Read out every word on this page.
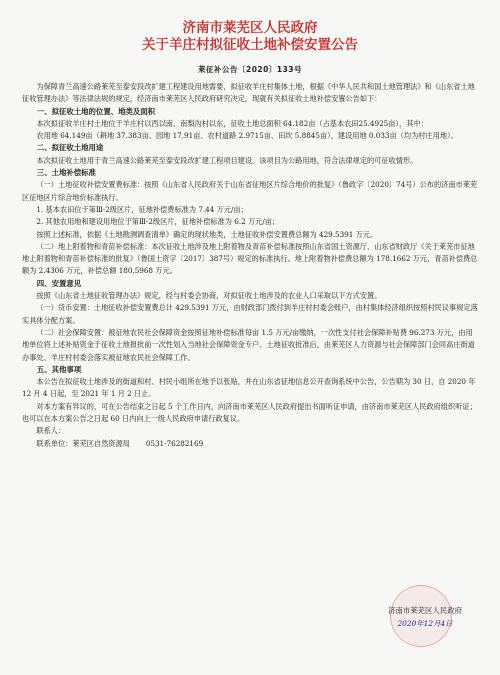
济南市莱芜区人民政府
关于羊庄村拟征收土地补偿安置公告
莱征补公告〔2020〕133号

为保障青兰高速公路莱芜至泰安段改扩建工程建设用地需要，拟征收羊庄村集体土地，根据《中华人民共和国土地管理法》和《山东省土地征收管理办法》等法律法规的规定，经济南市莱芜区人民政府研究决定，现就有关拟征收土地补偿安置公告如下：

一、拟征收土地的位置、地类及面积

本次拟征收羊庄村土地位于羊庄村以西以南、南梨沟村以东，征收土地总面积 64.182亩（占基本农田25.4925亩），其中：

农用地 64.149亩（耕地 37.383亩、园地 17.91亩、农村道路 2.9715亩、田坎 5.8845亩），建设用地 0.033亩（均为村庄用地）。

二、拟征收土地用途

本次拟征收土地用于青兰高速公路莱芜至泰安段改扩建工程项目建设。该项目为公路用地，符合法律规定的可征收情形。

三、土地补偿标准

（一）土地征收补偿安置费标准：按照《山东省人民政府关于山东省征地区片综合地价的批复》（鲁政字〔2020〕74号）公布的济南市莱芜区征地区片综合地价标准执行。

1. 基本农田位于第Ⅲ-2级区片，征地补偿费标准为 7.44 万元/亩；

2. 其他农用地和建设用地位于第Ⅲ-2级区片，征地补偿标准为 6.2 万元/亩；

按照上述标准，依据《土地勘测调查清单》确定的现状地类，土地征收补偿安置费总额为 429.5391 万元。

（二）地上附着物和青苗补偿标准：本次征收土地涉及地上附着物及青苗补偿标准按照山东省国土资源厅、山东省财政厅《关于莱芜市征地地上附着物和青苗补偿标准的批复》（鲁国土资字〔2017〕387号）规定的标准执行。地上附着物补偿费总额为 178.1662 万元，青苗补偿费总额为 2.4306 万元，补偿总额 180.5968 万元。

四、安置意见

按照《山东省土地征收管理办法》规定，经与村委会协商，对拟征收土地涉及的农业人口采取以下方式安置。

（一）货币安置：土地征收补偿安置费总计 429.5391 万元，由财政部门拨付到羊庄村村委会账户，由村集体经济组织按照村民议事规定落实具体分配方案。

（二）社会保障安置：被征地农民社会保障资金按照征地补偿标准每亩 1.5 万元/亩缴纳，一次性支付社会保障补贴费 96.273 万元，由用地单位将上述补贴资金于征收土地报批前一次性划入当地社会保障资金专户。土地征收批准后，由莱芜区人力资源与社会保障部门会同高庄街道办事处、羊庄村村委会落实被征地农民社会保障工作。

五、其他事项

本公告在拟征收土地涉及的街道和村、村民小组所在地予以张贴，并在山东省征地信息公开查询系统中公告，公告期为 30 日，自 2020 年 12 月 4 日起，至 2021 年 1 月 2 日止。

对本方案有异议的，可在公告结束之日起 5 个工作日内，向济南市莱芜区人民政府提出书面听证申请，由济南市莱芜区人民政府组织听证；也可以在本方案公告之日起 60 日内向上一级人民政府申请行政复议。

联系人：

联系单位：莱芜区自然资源局 0531-76282169

济南市莱芜区人民政府
2020年12月4日
